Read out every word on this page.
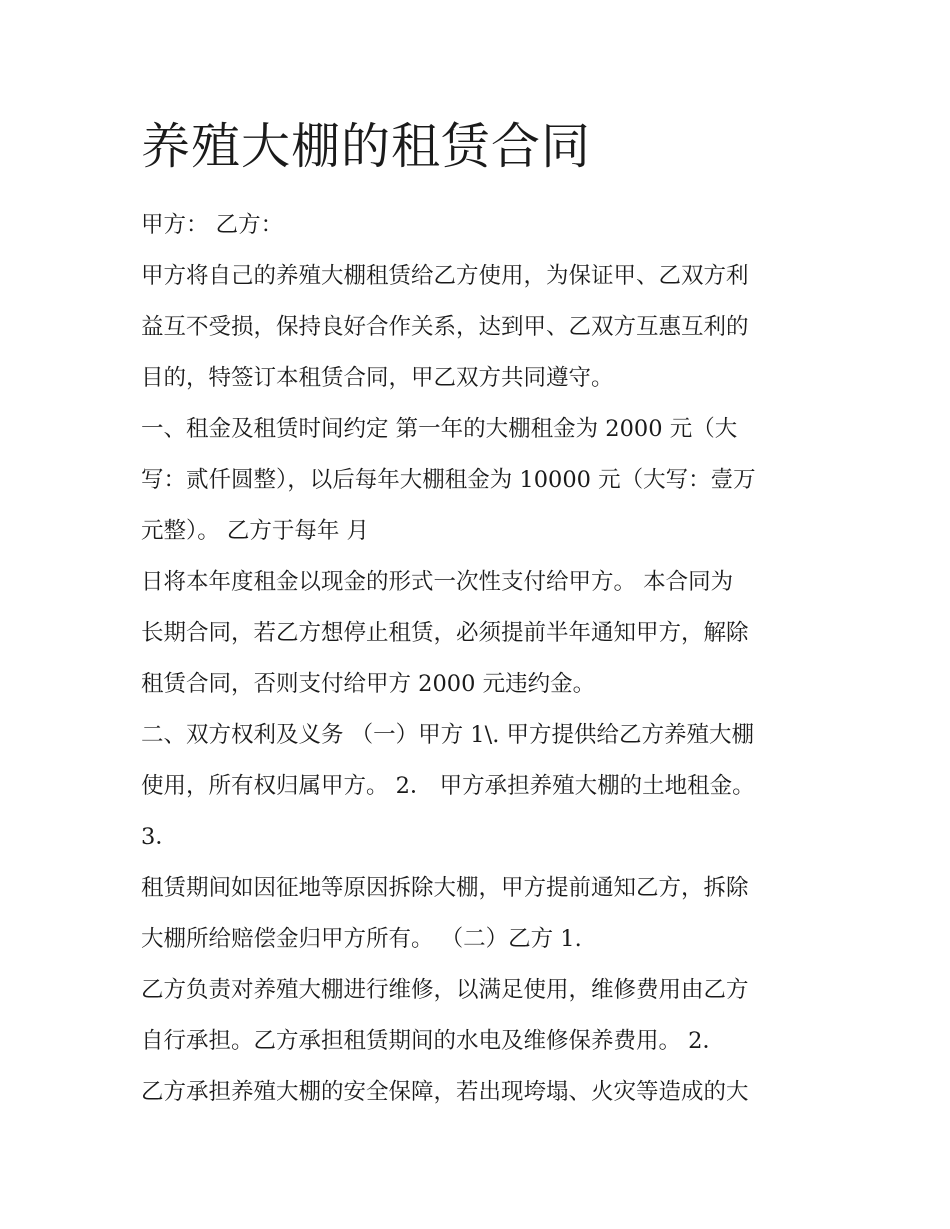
养殖大棚的租赁合同
甲方： 乙方：
甲方将自己的养殖大棚租赁给乙方使用，为保证甲、乙双方利
益互不受损，保持良好合作关系，达到甲、乙双方互惠互利的
目的，特签订本租赁合同，甲乙双方共同遵守。
一、租金及租赁时间约定 第一年的大棚租金为 2000 元（大
写：贰仟圆整），以后每年大棚租金为 10000 元（大写：壹万
元整）。 乙方于每年 月
日将本年度租金以现金的形式一次性支付给甲方。 本合同为
长期合同，若乙方想停止租赁，必须提前半年通知甲方，解除
租赁合同，否则支付给甲方 2000 元违约金。
二、双方权利及义务 （一）甲方 1\. 甲方提供给乙方养殖大棚
使用，所有权归属甲方。 2． 甲方承担养殖大棚的土地租金。
3．
租赁期间如因征地等原因拆除大棚，甲方提前通知乙方，拆除
大棚所给赔偿金归甲方所有。 （二）乙方 1.
乙方负责对养殖大棚进行维修，以满足使用，维修费用由乙方
自行承担。乙方承担租赁期间的水电及维修保养费用。 2．
乙方承担养殖大棚的安全保障，若出现垮塌、火灾等造成的大
